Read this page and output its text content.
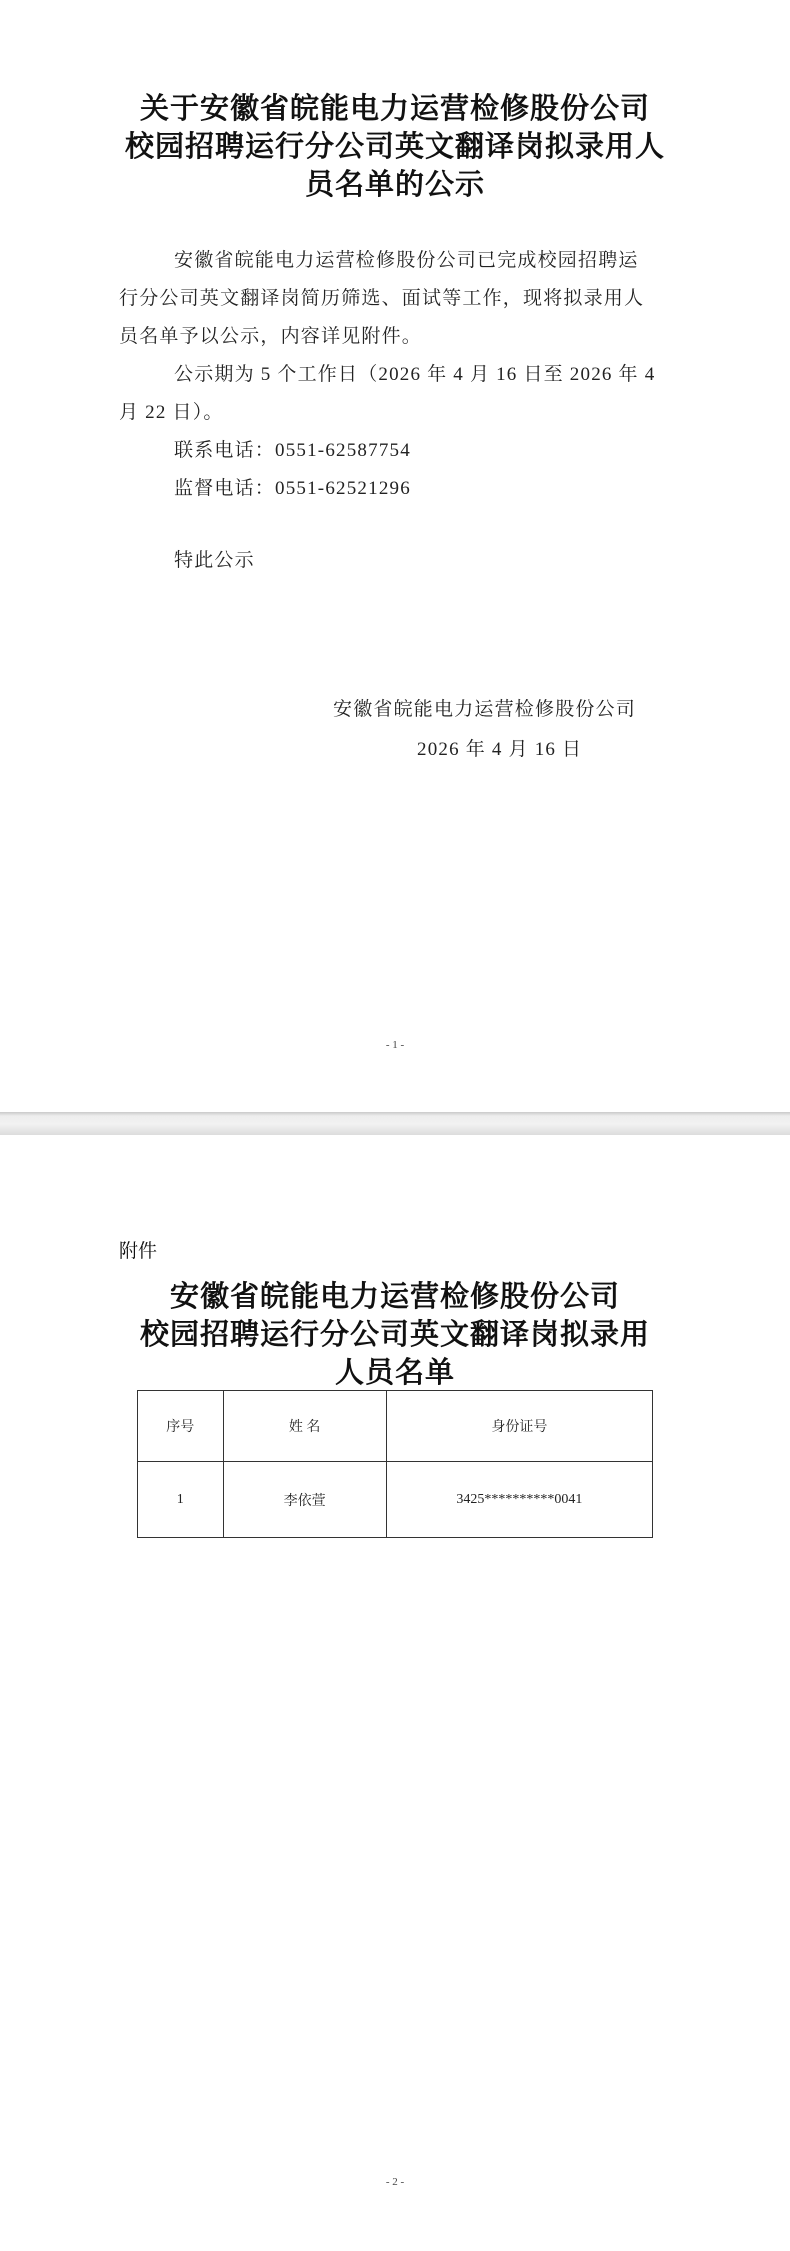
关于安徽省皖能电力运营检修股份公司
校园招聘运行分公司英文翻译岗拟录用人
员名单的公示
安徽省皖能电力运营检修股份公司已完成校园招聘运
行分公司英文翻译岗简历筛选、面试等工作，现将拟录用人
员名单予以公示，内容详见附件。
公示期为 5 个工作日（2026 年 4 月 16 日至 2026 年 4
月 22 日）。
联系电话：0551-62587754
监督电话：0551-62521296
特此公示
安徽省皖能电力运营检修股份公司
2026 年 4 月 16 日
- 1 -
附件
安徽省皖能电力运营检修股份公司
校园招聘运行分公司英文翻译岗拟录用
人员名单
序号	姓 名	身份证号
1	李依萱	3425**********0041
- 2 -
